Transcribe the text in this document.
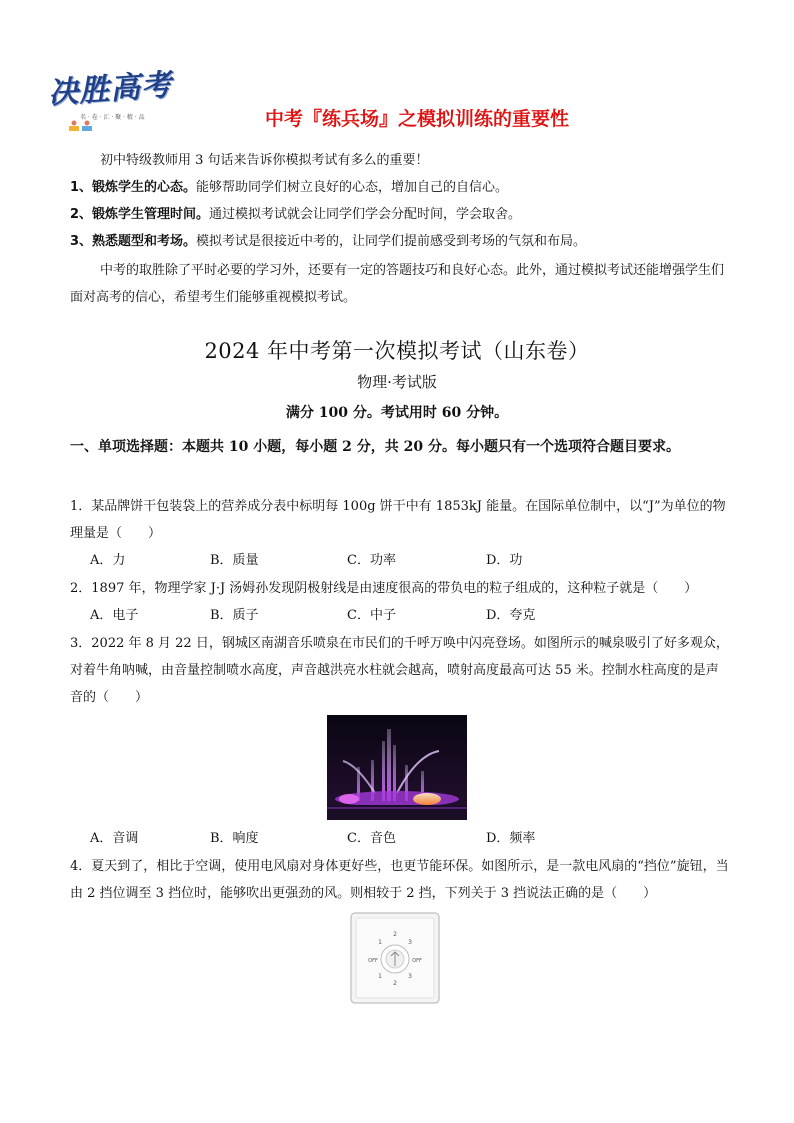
决胜高考
名 · 卷 · 汇 · 聚 · 精 · 品	中考『练兵场』之模拟训练的重要性
初中特级教师用 3 句话来告诉你模拟考试有多么的重要！
1、锻炼学生的心态。能够帮助同学们树立良好的心态，增加自己的自信心。
2、锻炼学生管理时间。通过模拟考试就会让同学们学会分配时间，学会取舍。
3、熟悉题型和考场。模拟考试是很接近中考的，让同学们提前感受到考场的气氛和布局。
中考的取胜除了平时必要的学习外，还要有一定的答题技巧和良好心态。此外，通过模拟考试还能增强学生们面对高考的信心，希望考生们能够重视模拟考试。
2024 年中考第一次模拟考试（山东卷）
物理·考试版
满分 100 分。考试用时 60 分钟。
一、单项选择题：本题共 10 小题，每小题 2 分，共 20 分。每小题只有一个选项符合题目要求。
1．某品牌饼干包装袋上的营养成分表中标明每 100g 饼干中有 1853kJ 能量。在国际单位制中，以“J”为单位的物理量是（　　）
A．力	B．质量	C．功率	D．功
2．1897 年，物理学家 J·J 汤姆孙发现阴极射线是由速度很高的带负电的粒子组成的，这种粒子就是（　　）
A．电子	B．质子	C．中子	D．夸克
3．2022 年 8 月 22 日，钢城区南湖音乐喷泉在市民们的千呼万唤中闪亮登场。如图所示的喊泉吸引了好多观众，对着牛角呐喊，由音量控制喷水高度，声音越洪亮水柱就会越高，喷射高度最高可达 55 米。控制水柱高度的是声音的（　　）
A．音调	B．响度	C．音色	D．频率
4．夏天到了，相比于空调，使用电风扇对身体更好些，也更节能环保。如图所示，是一款电风扇的“挡位”旋钮，当由 2 挡位调至 3 挡位时，能够吹出更强劲的风。则相较于 2 挡，下列关于 3 挡说法正确的是（　　）
2
1	3
OFF	OFF
1	3
2
